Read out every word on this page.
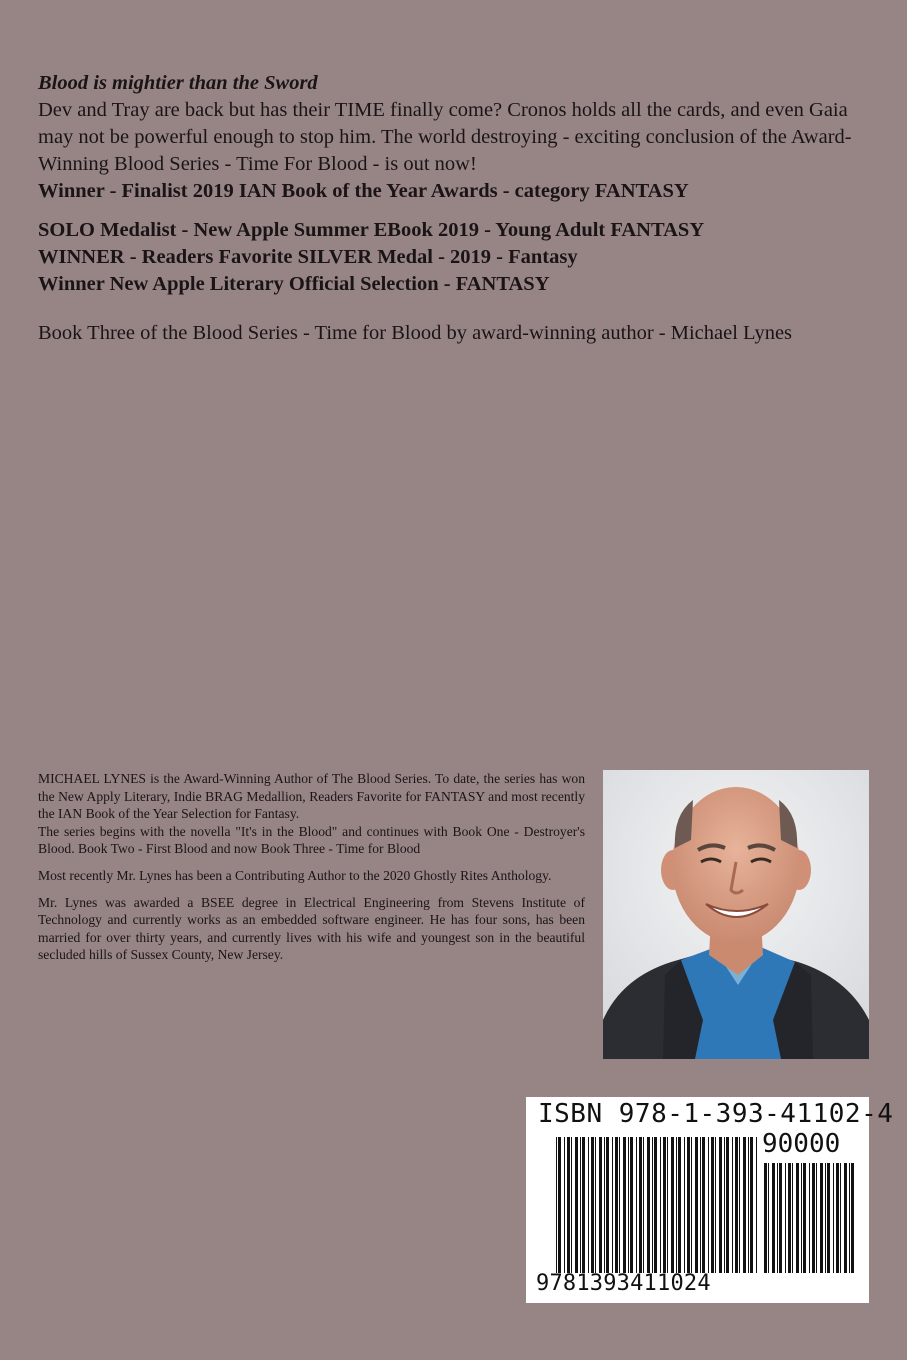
Blood is mightier than the Sword

Dev and Tray are back but has their TIME finally come? Cronos holds all the cards, and even Gaia may not be powerful enough to stop him. The world destroying - exciting conclusion of the Award-Winning Blood Series - Time For Blood - is out now!

Winner - Finalist 2019 IAN Book of the Year Awards - category FANTASY

SOLO Medalist - New Apple Summer EBook 2019 - Young Adult FANTASY

WINNER - Readers Favorite SILVER Medal - 2019 - Fantasy

Winner New Apple Literary Official Selection - FANTASY

Book Three of the Blood Series - Time for Blood by award-winning author - Michael Lynes

MICHAEL LYNES is the Award-Winning Author of The Blood Series. To date, the series has won the New Apply Literary, Indie BRAG Medallion, Readers Favorite for FANTASY and most recently the IAN Book of the Year Selection for Fantasy.
The series begins with the novella "It's in the Blood" and continues with Book One - Destroyer's Blood. Book Two - First Blood and now Book Three - Time for Blood

Most recently Mr. Lynes has been a Contributing Author to the 2020 Ghostly Rites Anthology.

Mr. Lynes was awarded a BSEE degree in Electrical Engineering from Stevens Institute of Technology and currently works as an embedded software engineer. He has four sons, has been married for over thirty years, and currently lives with his wife and youngest son in the beautiful secluded hills of Sussex County, New Jersey.

ISBN 978-1-393-41102-4
90000
9781393411024
